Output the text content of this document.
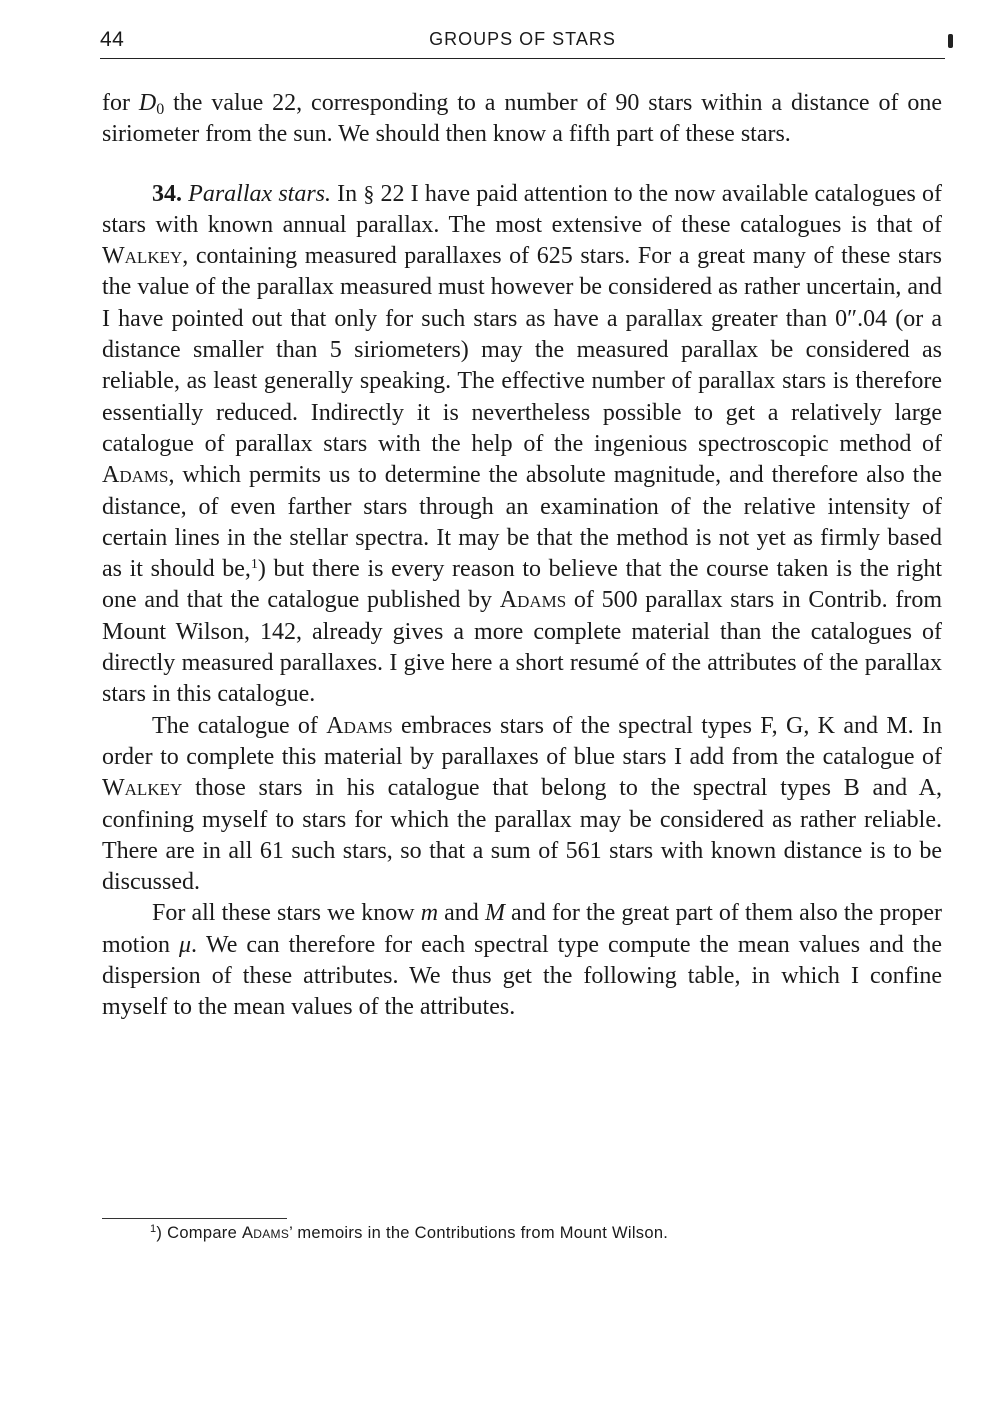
44	GROUPS OF STARS

for $D_0$ the value 22, corresponding to a number of 90 stars within a distance of one siriometer from the sun. We should then know a fifth part of these stars.

34. Parallax stars. In § 22 I have paid attention to the now available catalogues of stars with known annual parallax. The most extensive of these catalogues is that of Walkey, containing measured parallaxes of 625 stars. For a great many of these stars the value of the parallax measured must however be considered as rather uncertain, and I have pointed out that only for such stars as have a parallax greater than 0″.04 (or a distance smaller than 5 siriometers) may the measured parallax be considered as reliable, as least generally speaking. The effective number of parallax stars is therefore essentially reduced. Indirectly it is nevertheless possible to get a relatively large catalogue of parallax stars with the help of the ingenious spectroscopic method of Adams, which permits us to determine the absolute magnitude, and therefore also the distance, of even farther stars through an examination of the relative intensity of certain lines in the stellar spectra. It may be that the method is not yet as firmly based as it should be,$^1$) but there is every reason to believe that the course taken is the right one and that the catalogue published by Adams of 500 parallax stars in Contrib. from Mount Wilson, 142, already gives a more complete material than the catalogues of directly measured parallaxes. I give here a short resumé of the attributes of the parallax stars in this catalogue.

The catalogue of Adams embraces stars of the spectral types F, G, K and M. In order to complete this material by parallaxes of blue stars I add from the catalogue of Walkey those stars in his catalogue that belong to the spectral types B and A, confining myself to stars for which the parallax may be considered as rather reliable. There are in all 61 such stars, so that a sum of 561 stars with known distance is to be discussed.

For all these stars we know m and M and for the great part of them also the proper motion μ. We can therefore for each spectral type compute the mean values and the dispersion of these attributes. We thus get the following table, in which I confine myself to the mean values of the attributes.

$^1$) Compare Adams’ memoirs in the Contributions from Mount Wilson.
